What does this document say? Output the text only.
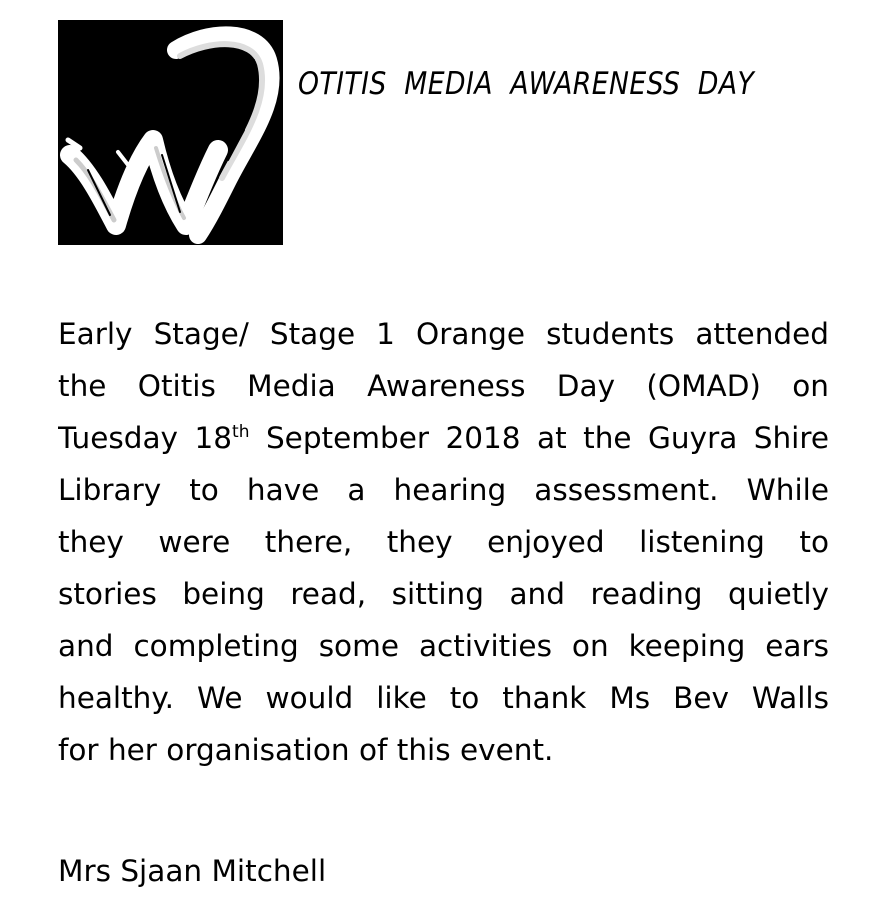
OTITIS MEDIA AWARENESS DAY
Early Stage/ Stage 1 Orange students attended
the Otitis Media Awareness Day (OMAD) on
Tuesday 18th September 2018 at the Guyra Shire
Library to have a hearing assessment. While
they were there, they enjoyed listening to
stories being read, sitting and reading quietly
and completing some activities on keeping ears
healthy. We would like to thank Ms Bev Walls
for her organisation of this event.
Mrs Sjaan Mitchell
